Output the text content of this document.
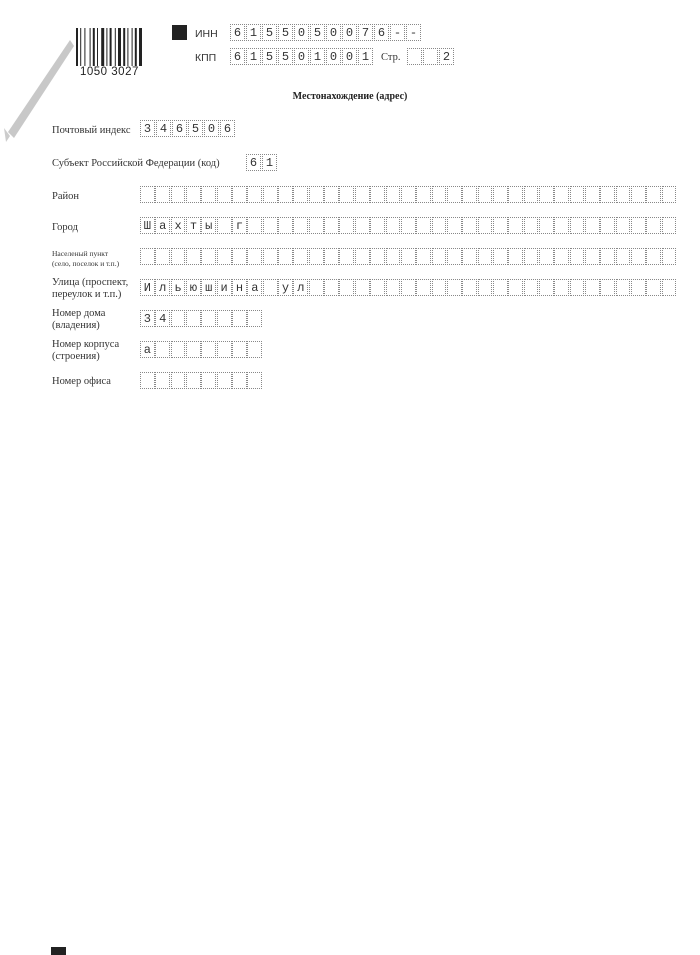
1050 3027
ИНН	6 1 5 5 0 5 0 0 7 6 - -
КПП	6 1 5 5 0 1 0 0 1	Стр.	2
Местонахождение (адрес)
Почтовый индекс	3 4 6 5 0 6
Субъект Российской Федерации (код)	6 1
Район
Город	Ш а х т ы	г
Населеный пункт
(село, поселок и т.п.)
Улица (проспект,
переулок и т.п.)	И л ь ю ш и н а	у л
Номер дома
(владения)	3 4
Номер корпуса
(строения)	а
Номер офиса
